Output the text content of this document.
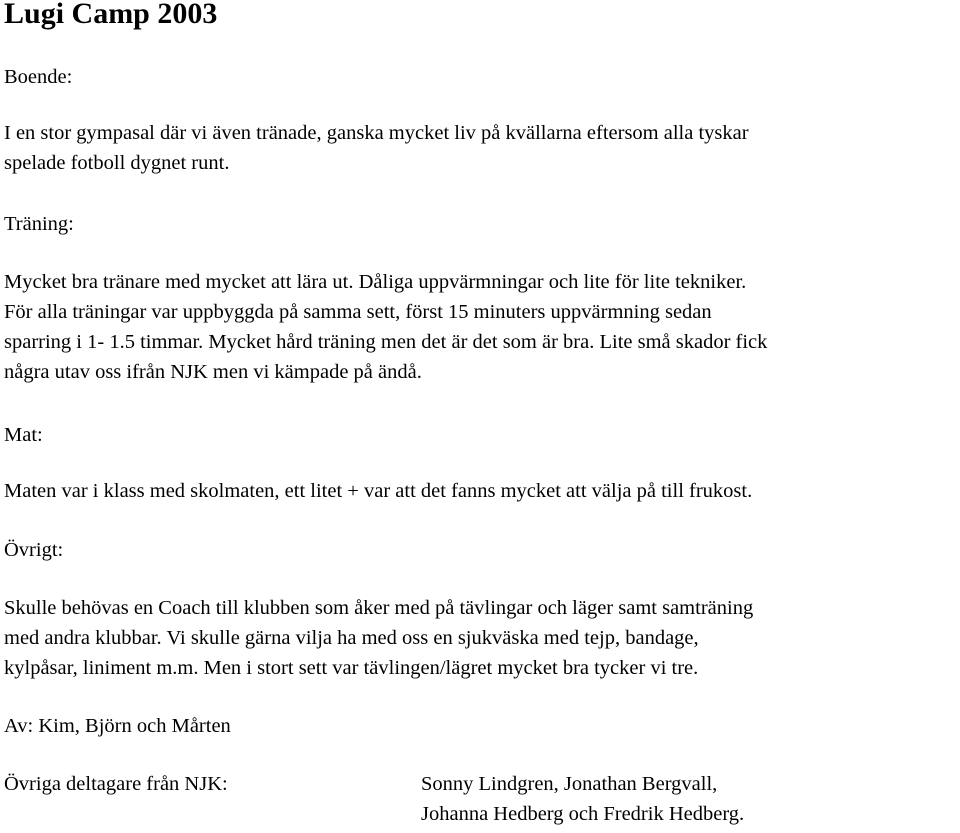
Lugi Camp 2003
Boende:
I en stor gympasal där vi även tränade, ganska mycket liv på kvällarna eftersom alla tyskar
spelade fotboll dygnet runt.
Träning:
Mycket bra tränare med mycket att lära ut. Dåliga uppvärmningar och lite för lite tekniker.
För alla träningar var uppbyggda på samma sett, först 15 minuters uppvärmning sedan
sparring i 1- 1.5 timmar. Mycket hård träning men det är det som är bra. Lite små skador fick
några utav oss ifrån NJK men vi kämpade på ändå.
Mat:
Maten var i klass med skolmaten, ett litet + var att det fanns mycket att välja på till frukost.
Övrigt:
Skulle behövas en Coach till klubben som åker med på tävlingar och läger samt samträning
med andra klubbar. Vi skulle gärna vilja ha med oss en sjukväska med tejp, bandage,
kylpåsar, liniment m.m. Men i stort sett var tävlingen/lägret mycket bra tycker vi tre.
Av: Kim, Björn och Mårten
Övriga deltagare från NJK:	Sonny Lindgren, Jonathan Bergvall,
Johanna Hedberg och Fredrik Hedberg.
